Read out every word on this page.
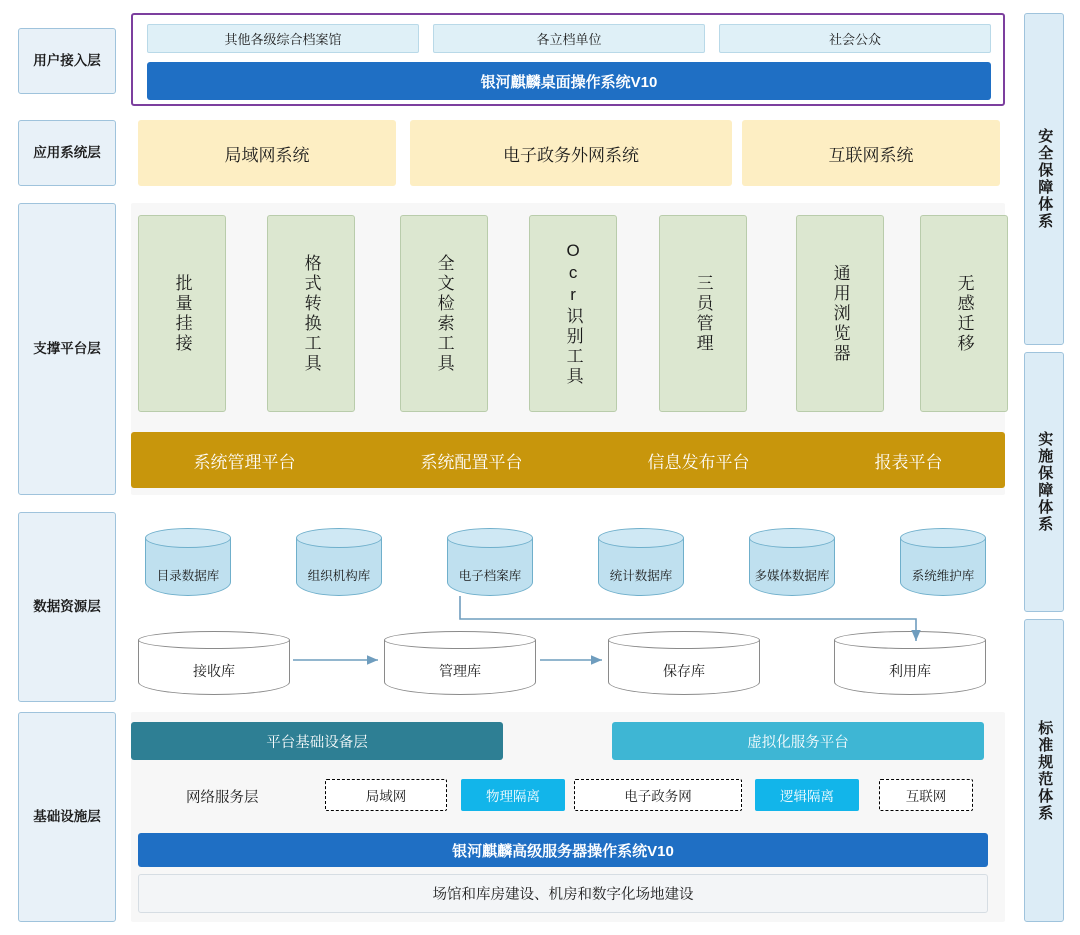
用户接入层
应用系统层
支撑平台层
数据资源层
基础设施层
安全保障体系
实施保障体系
标准规范体系
其他各级综合档案馆	各立档单位	社会公众
银河麒麟桌面操作系统V10
局域网系统	电子政务外网系统	互联网系统
批量挂接	格式转换工具	全文检索工具	Ocr识别工具	三员管理	通用浏览器	无感迁移
系统管理平台	系统配置平台	信息发布平台	报表平台
目录数据库	组织机构库	电子档案库	统计数据库	多媒体数据库	系统维护库
接收库	管理库	保存库	利用库
平台基础设备层	虚拟化服务平台
网络服务层	局域网	物理隔离	电子政务网	逻辑隔离	互联网
银河麒麟高级服务器操作系统V10
场馆和库房建设、机房和数字化场地建设
